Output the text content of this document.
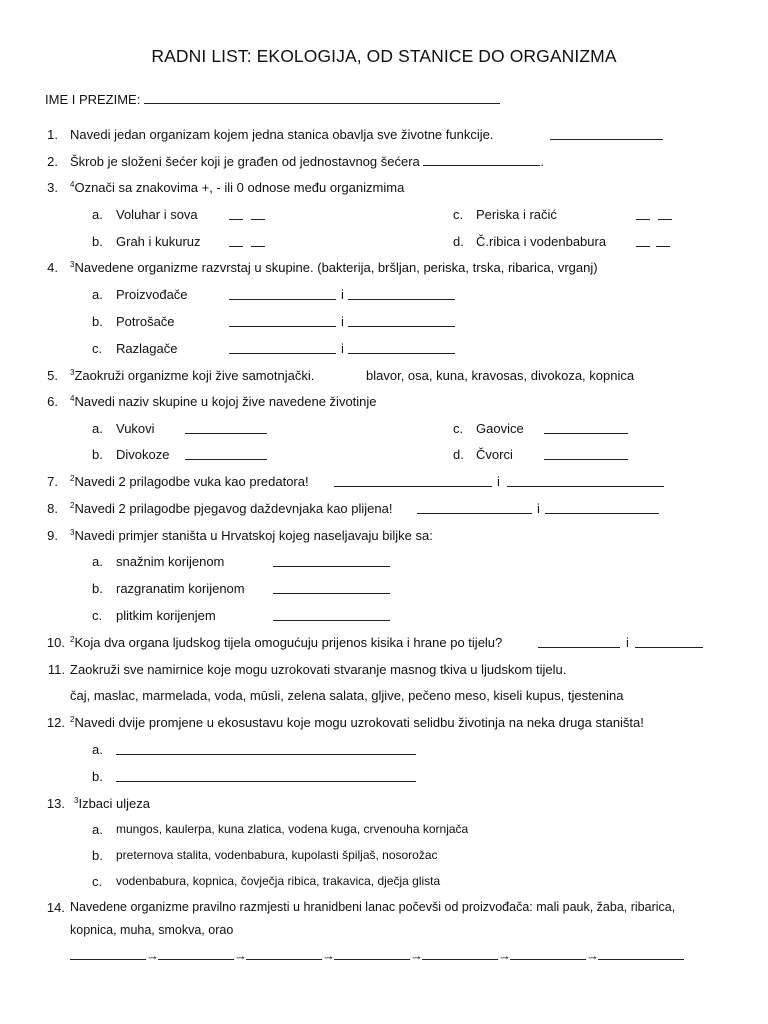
RADNI LIST: EKOLOGIJA, OD STANICE DO ORGANIZMA
IME I PREZIME:
1. Navedi jedan organizam kojem jedna stanica obavlja sve životne funkcije.
2. Škrob je složeni šećer koji je građen od jednostavnog šećera	.
3. $^4$Označi sa znakovima +, - ili 0 odnose među organizmima
a. Voluhar i sova	c. Periska i račić
b. Grah i kukuruz	d. Č.ribica i vodenbabura
4. $^3$Navedene organizme razvrstaj u skupine. (bakterija, bršljan, periska, trska, ribarica, vrganj)
a. Proizvođače	i
b. Potrošače	i
c. Razlagače	i
5. $^3$Zaokruži organizme koji žive samotnjački.	blavor, osa, kuna, kravosas, divokoza, kopnica
6. $^4$Navedi naziv skupine u kojoj žive navedene životinje
a. Vukovi	c. Gaovice
b. Divokoze	d. Čvorci
7. $^2$Navedi 2 prilagodbe vuka kao predatora!	i
8. $^2$Navedi 2 prilagodbe pjegavog daždevnjaka kao plijena!	i
9. $^3$Navedi primjer staništa u Hrvatskoj kojeg naseljavaju biljke sa:
a. snažnim korijenom
b. razgranatim korijenom
c. plitkim korijenjem
10. $^2$Koja dva organa ljudskog tijela omogućuju prijenos kisika i hrane po tijelu?	i
11. Zaokruži sve namirnice koje mogu uzrokovati stvaranje masnog tkiva u ljudskom tijelu.
čaj, maslac, marmelada, voda, mūsli, zelena salata, gljive, pečeno meso, kiseli kupus, tjestenina
12. $^2$Navedi dvije promjene u ekosustavu koje mogu uzrokovati selidbu životinja na neka druga staništa!
a.
b.
13. $^3$Izbaci uljeza
a. mungos, kaulerpa, kuna zlatica, vodena kuga, crvenouha kornjača
b. preternova stalita, vodenbabura, kupolasti špiljaš, nosorožac
c. vodenbabura, kopnica, čovječja ribica, trakavica, dječja glista
14. Navedene organizme pravilno razmjesti u hranidbeni lanac počevši od proizvođača: mali pauk, žaba, ribarica,
kopnica, muha, smokva, orao
→	→	→	→	→	→
